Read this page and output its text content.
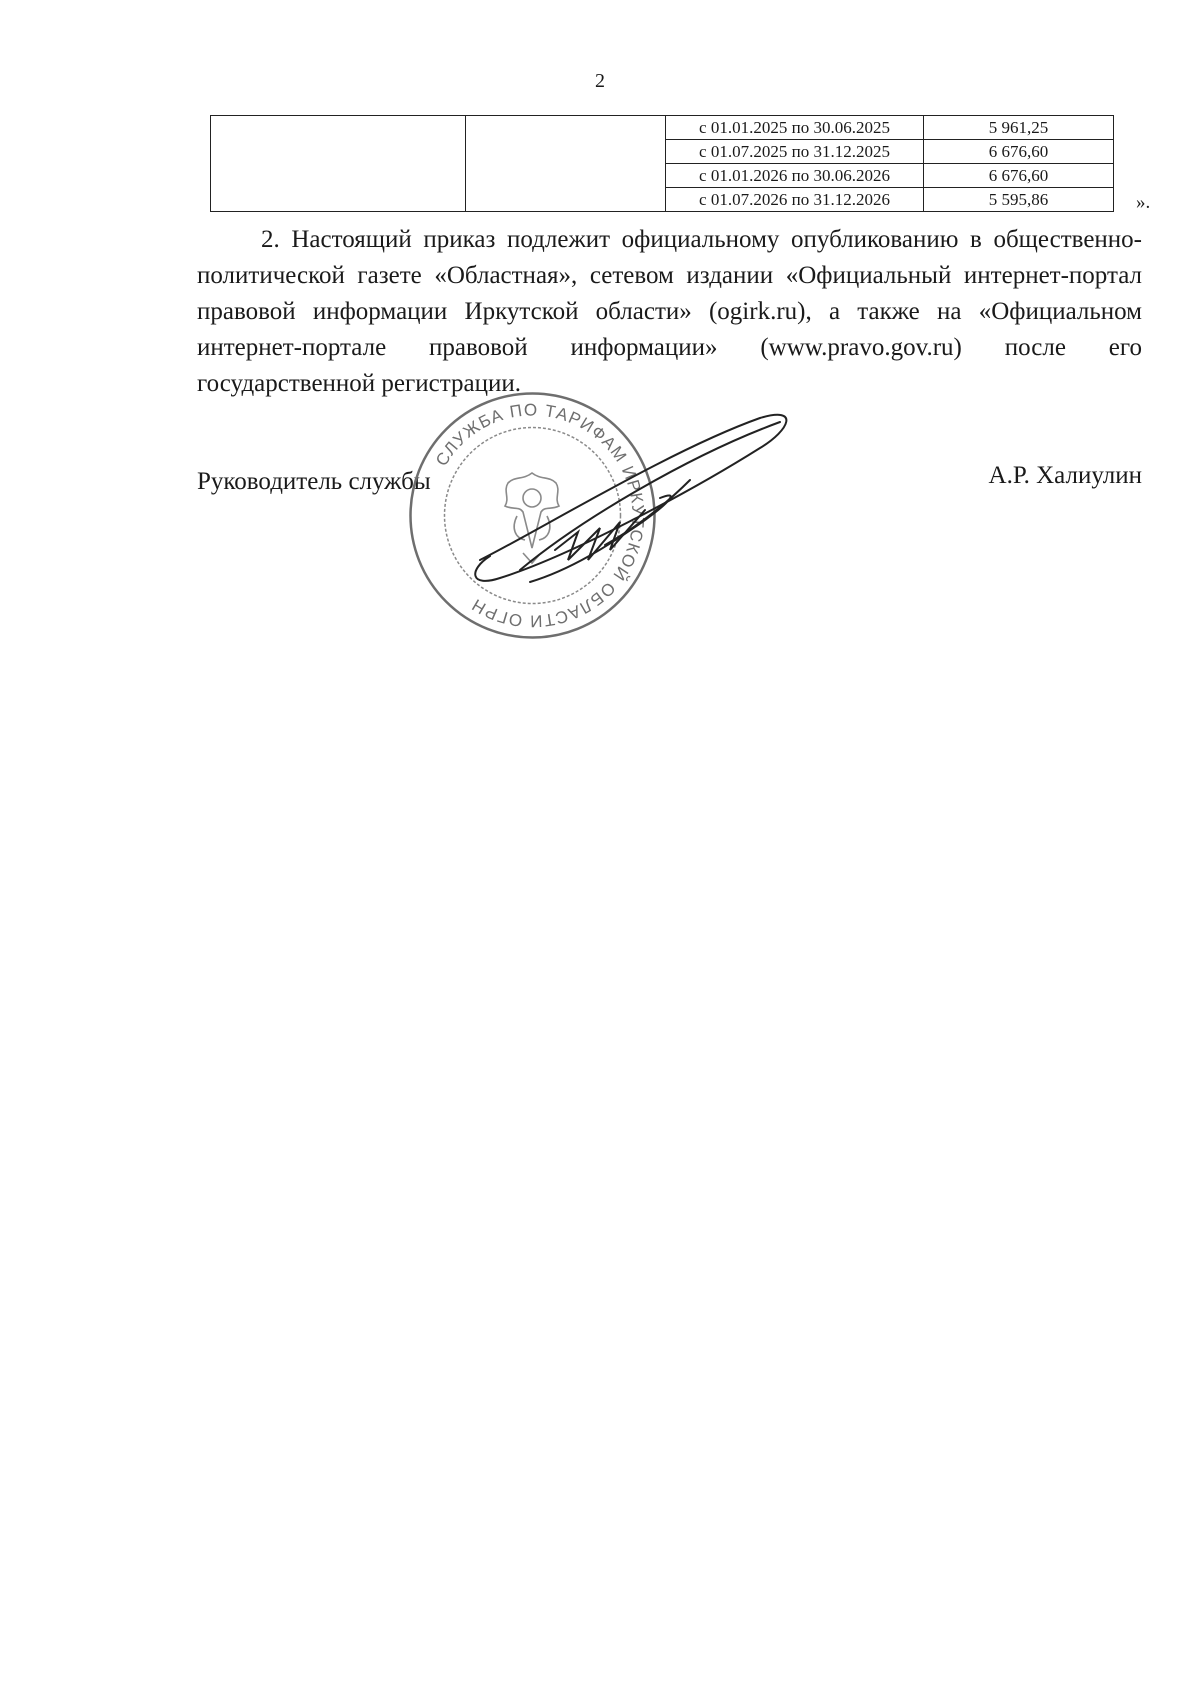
2
		с 01.01.2025 по 30.06.2025	5 961,25
		с 01.07.2025 по 31.12.2025	6 676,60
		с 01.01.2026 по 30.06.2026	6 676,60
		с 01.07.2026 по 31.12.2026	5 595,86	».
2. Настоящий приказ подлежит официальному опубликованию в общественно-политической газете «Областная», сетевом издании «Официальный интернет-портал правовой информации Иркутской области» (ogirk.ru), а также на «Официальном интернет-портале правовой информации» (www.pravo.gov.ru) после его государственной регистрации.
Руководитель службы	А.Р. Халиулин
СЛУЖБА ПО ТАРИФАМ ИРКУТСКОЙ ОБЛАСТИ ОГРН
